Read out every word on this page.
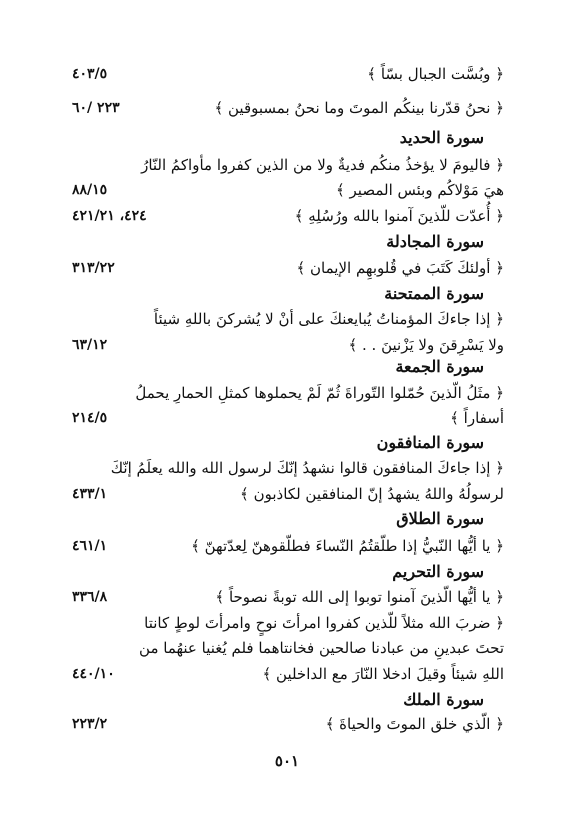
﴿ وبُسَّت الجبال بسّاً ﴾
٤٠٣/٥
﴿ نحنُ قدّرنا بينكُم الموتَ وما نحنُ بمسبوقين ﴾
٢٢٣ /٦٠
سورة الحديد
﴿ فاليومَ لا يؤخذُ منكُم فديةٌ ولا من الذين كفروا مأواكمُ النّارُ
هيَ مَوْلاكُم وبئس المصير ﴾
٨٨/١٥
﴿ أُعدّت للّذينَ آمنوا بالله ورُسُلِهِ ﴾
٤٢٤، ٤٢١/٢١
سورة المجادلة
﴿ أولئكَ كَتَبَ في قُلوبهِم الإيمان ﴾
٣١٣/٢٢
سورة الممتحنة
﴿ إذا جاءكَ المؤمناتُ يُبايعنكَ على أنْ لا يُشركنَ باللهِ شيئاً
ولا يَسْرِقنَ ولا يَزْنينَ . . ﴾
٦٣/١٢
سورة الجمعة
﴿ مثَلُ الّذينَ حُمّلوا التّوراةَ ثُمّ لَمْ يحملوها كمثلِ الحمارِ يحملُ
أسفاراً ﴾
٢١٤/٥
سورة المنافقون
﴿ إذا جاءكَ المنافقون قالوا نشهدُ إنّكَ لرسول الله والله يعلَمُ إنّكَ
لرسولُهُ واللهُ يشهدُ إنّ المنافقين لكاذبون ﴾
٤٣٣/١
سورة الطلاق
﴿ يا أيُّها النّبيُّ إذا طلّقتُمُ النّساءَ فطلّقوهنّ لِعدّتهنّ ﴾
٤٦١/١
سورة التحريم
﴿ يا أيُّها الّذينَ آمنوا توبوا إلى الله توبةً نصوحاً ﴾
٣٣٦/٨
﴿ ضربَ الله مثلاً للّذين كفروا امرأتَ نوحٍ وامرأتَ لوطٍ كانتا
تحتَ عبدينِ من عبادنا صالحين فخانتاهما فلم يُغنيا عنهُما من
اللهِ شيئاً وقيلَ ادخلا النّارَ مع الداخلين ﴾
٤٤٠/١٠
سورة الملك
﴿ الّذي خلق الموتَ والحياةَ ﴾
٢٢٣/٢
٥٠١
